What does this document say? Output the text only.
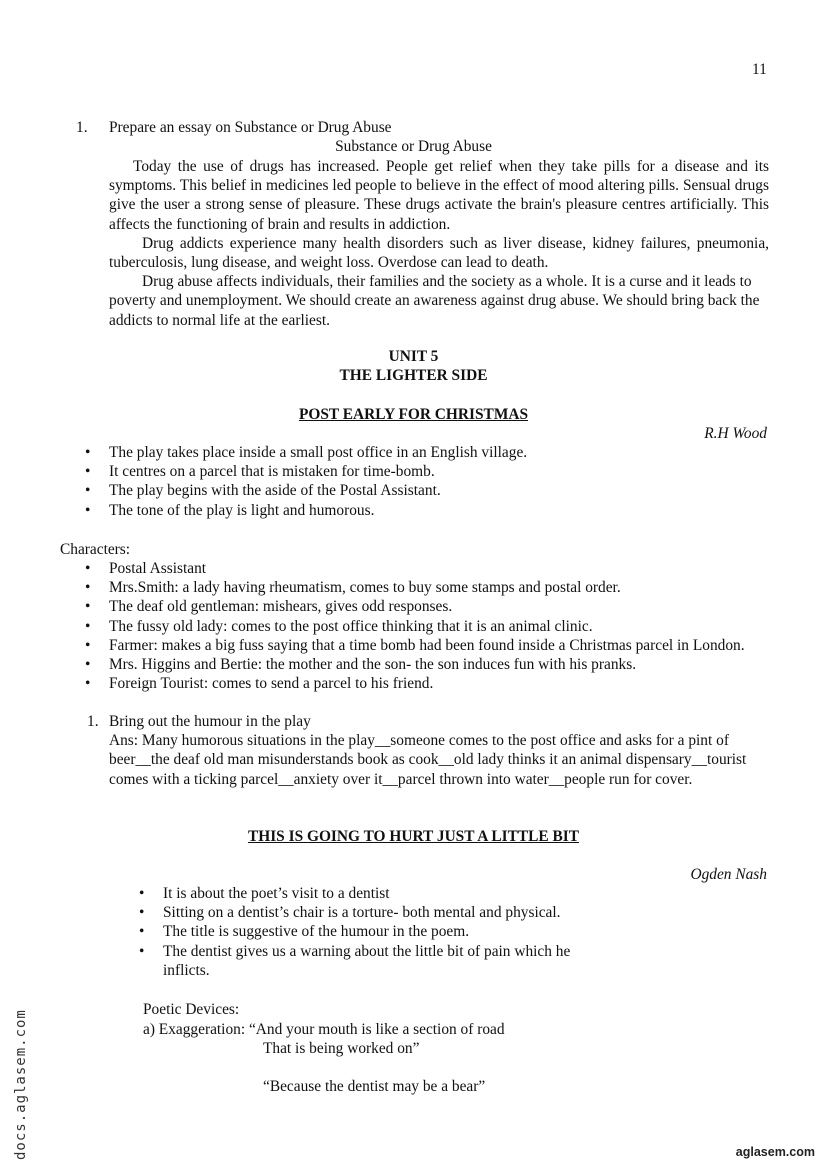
11
1. Prepare an essay on Substance or Drug Abuse
Substance or Drug Abuse

Today the use of drugs has increased. People get relief when they take pills for a disease and its symptoms. This belief in medicines led people to believe in the effect of mood altering pills. Sensual drugs give the user a strong sense of pleasure. These drugs activate the brain's pleasure centres artificially. This affects the functioning of brain and results in addiction.

Drug addicts experience many health disorders such as liver disease, kidney failures, pneumonia, tuberculosis, lung disease, and weight loss. Overdose can lead to death.

Drug abuse affects individuals, their families and the society as a whole. It is a curse and it leads to poverty and unemployment. We should create an awareness against drug abuse. We should bring back the addicts to normal life at the earliest.

UNIT 5
THE LIGHTER SIDE
POST EARLY FOR CHRISTMAS
R.H Wood
• The play takes place inside a small post office in an English village.
• It centres on a parcel that is mistaken for time-bomb.
• The play begins with the aside of the Postal Assistant.
• The tone of the play is light and humorous.
Characters:
• Postal Assistant
• Mrs.Smith: a lady having rheumatism, comes to buy some stamps and postal order.
• The deaf old gentleman: mishears, gives odd responses.
• The fussy old lady: comes to the post office thinking that it is an animal clinic.
• Farmer: makes a big fuss saying that a time bomb had been found inside a Christmas parcel in London.
• Mrs. Higgins and Bertie: the mother and the son- the son induces fun with his pranks.
• Foreign Tourist: comes to send a parcel to his friend.
1. Bring out the humour in the play
Ans: Many humorous situations in the play__someone comes to the post office and asks for a pint of beer__the deaf old man misunderstands book as cook__old lady thinks it an animal dispensary__tourist comes with a ticking parcel__anxiety over it__parcel thrown into water__people run for cover.
THIS IS GOING TO HURT JUST A LITTLE BIT
Ogden Nash
• It is about the poet’s visit to a dentist
• Sitting on a dentist’s chair is a torture- both mental and physical.
• The title is suggestive of the humour in the poem.
• The dentist gives us a warning about the little bit of pain which he inflicts.
Poetic Devices:
a) Exaggeration: “And your mouth is like a section of road
That is being worked on”
“Because the dentist may be a bear”
docs.aglasem.com	aglasem.com
